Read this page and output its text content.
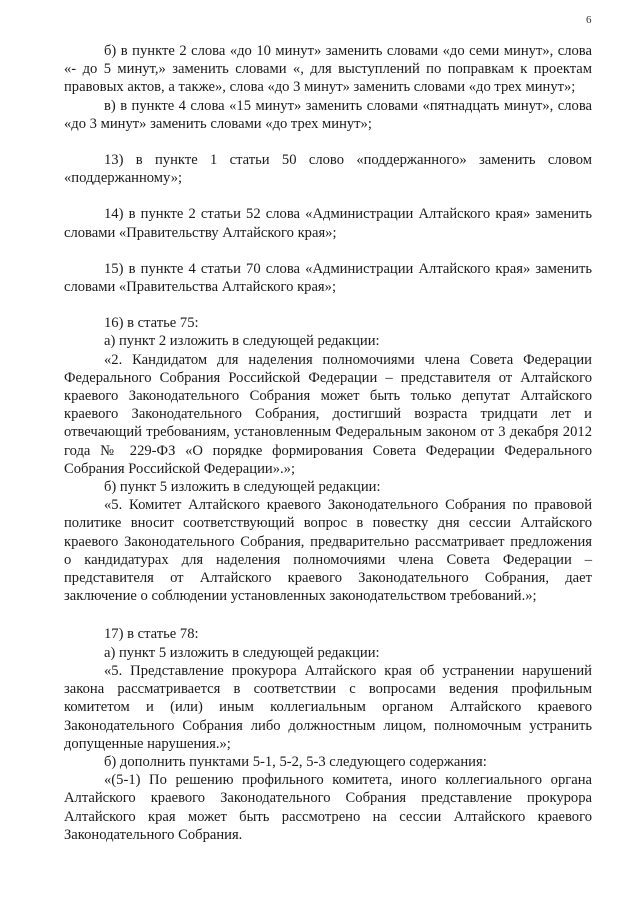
6

б) в пункте 2 слова «до 10 минут» заменить словами «до семи минут», слова «- до 5 минут,» заменить словами «, для выступлений по поправкам к проектам правовых актов, а также», слова «до 3 минут» заменить словами «до трех минут»;

в) в пункте 4 слова «15 минут» заменить словами «пятнадцать минут», слова «до 3 минут» заменить словами «до трех минут»;

13) в пункте 1 статьи 50 слово «поддержанного» заменить словом «поддержанному»;

14) в пункте 2 статьи 52 слова «Администрации Алтайского края» заменить словами «Правительству Алтайского края»;

15) в пункте 4 статьи 70 слова «Администрации Алтайского края» заменить словами «Правительства Алтайского края»;

16) в статье 75:

а) пункт 2 изложить в следующей редакции:

«2. Кандидатом для наделения полномочиями члена Совета Федерации Федерального Собрания Российской Федерации – представителя от Алтайского краевого Законодательного Собрания может быть только депутат Алтайского краевого Законодательного Собрания, достигший возраста тридцати лет и отвечающий требованиям, установленным Федеральным законом от 3 декабря 2012 года № 229-ФЗ «О порядке формирования Совета Федерации Федерального Собрания Российской Федерации».»;

б) пункт 5 изложить в следующей редакции:

«5. Комитет Алтайского краевого Законодательного Собрания по правовой политике вносит соответствующий вопрос в повестку дня сессии Алтайского краевого Законодательного Собрания, предварительно рассматривает предложения о кандидатурах для наделения полномочиями члена Совета Федерации – представителя от Алтайского краевого Законодательного Собрания, дает заключение о соблюдении установленных законодательством требований.»;

17) в статье 78:

а) пункт 5 изложить в следующей редакции:

«5. Представление прокурора Алтайского края об устранении нарушений закона рассматривается в соответствии с вопросами ведения профильным комитетом и (или) иным коллегиальным органом Алтайского краевого Законодательного Собрания либо должностным лицом, полномочным устранить допущенные нарушения.»;

б) дополнить пунктами 5-1, 5-2, 5-3 следующего содержания:

«(5-1) По решению профильного комитета, иного коллегиального органа Алтайского краевого Законодательного Собрания представление прокурора Алтайского края может быть рассмотрено на сессии Алтайского краевого Законодательного Собрания.
